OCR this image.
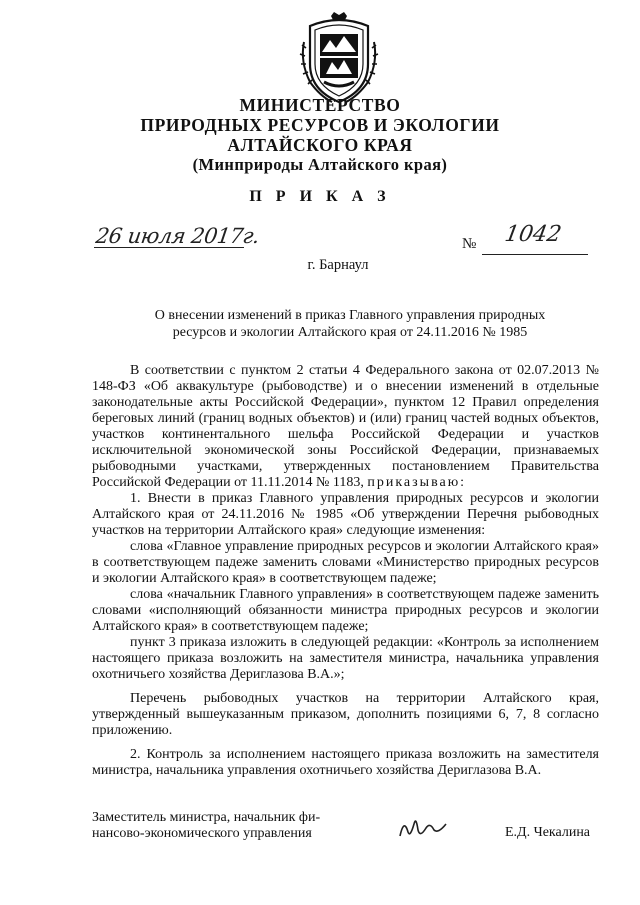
МИНИСТЕРСТВО
ПРИРОДНЫХ РЕСУРСОВ И ЭКОЛОГИИ
АЛТАЙСКОГО КРАЯ
(Минприроды Алтайского края)
П Р И К А З
26 июля 2017г.	№ 1042
г. Барнаул
О внесении изменений в приказ Главного управления природных
ресурсов и экологии Алтайского края от 24.11.2016 № 1985

В соответствии с пунктом 2 статьи 4 Федерального закона от 02.07.2013 № 148-ФЗ «Об аквакультуре (рыбоводстве) и о внесении изменений в отдельные законодательные акты Российской Федерации», пунктом 12 Правил определения береговых линий (границ водных объектов) и (или) границ частей водных объектов, участков континентального шельфа Российской Федерации и участков исключительной экономической зоны Российской Федерации, признаваемых рыбоводными участками, утвержденных постановлением Правительства Российской Федерации от 11.11.2014 № 1183, приказываю:

1. Внести в приказ Главного управления природных ресурсов и экологии Алтайского края от 24.11.2016 № 1985 «Об утверждении Перечня рыбоводных участков на территории Алтайского края» следующие изменения:

слова «Главное управление природных ресурсов и экологии Алтайского края» в соответствующем падеже заменить словами «Министерство природных ресурсов и экологии Алтайского края» в соответствующем падеже;

слова «начальник Главного управления» в соответствующем падеже заменить словами «исполняющий обязанности министра природных ресурсов и экологии Алтайского края» в соответствующем падеже;

пункт 3 приказа изложить в следующей редакции: «Контроль за исполнением настоящего приказа возложить на заместителя министра, начальника управления охотничьего хозяйства Дериглазова В.А.»;

Перечень рыбоводных участков на территории Алтайского края, утвержденный вышеуказанным приказом, дополнить позициями 6, 7, 8 согласно приложению.

2. Контроль за исполнением настоящего приказа возложить на заместителя министра, начальника управления охотничьего хозяйства Дериглазова В.А.

Заместитель министра, начальник фи-
нансово-экономического управления	Е.Д. Чекалина
